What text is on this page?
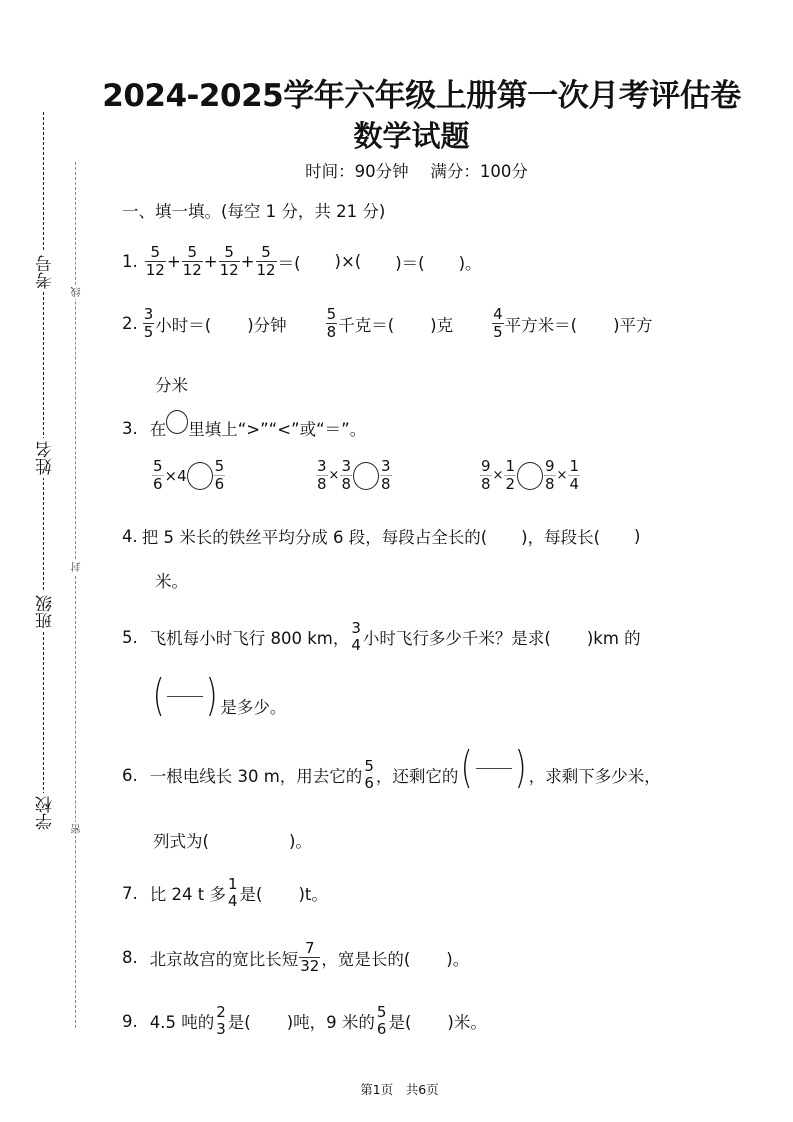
考号
姓名
班级
学校
线
封
密
2024-2025学年六年级上册第一次月考评估卷
数学试题
时间：90分钟　 满分：100分
一、填一填。(每空 1 分，共 21 分)
1. $\frac{5}{12} + \frac{5}{12} + \frac{5}{12} + \frac{5}{12}$ ＝( )×( )＝( )。
2. $\frac{3}{5}$ 小时＝( )分钟	$\frac{5}{8}$ 千克＝( )克	$\frac{4}{5}$ 平方米＝( )平方
分米
3. 在 里填上“>”“<”或“＝”。
$\frac{5}{6} \times 4 \frac{5}{6}$	$\frac{3}{8} \times \frac{3}{8} \frac{3}{8}$	$\frac{9}{8} \times \frac{1}{2} \frac{9}{8} \times \frac{1}{4}$
4. 把 5 米长的铁丝平均分成 6 段，每段占全长的( )，每段长( )
米。
5. 飞机每小时飞行 800 km，
3
4 小时飞行多少千米？是求( )km 的
( ) 是多少。
6. 一根电线长 30 m，用去它的
5
6 ，还剩它的 ( ) ，求剩下多少米，
列式为(	)。
7. 比 24 t 多
1
4 是( )t。
8. 北京故宫的宽比长短 $\frac{7}{32}$ ，宽是长的( )。
9. 4.5 吨的
2
3 是( )吨，9 米的
5
6 是( )米。
第1页　共6页
